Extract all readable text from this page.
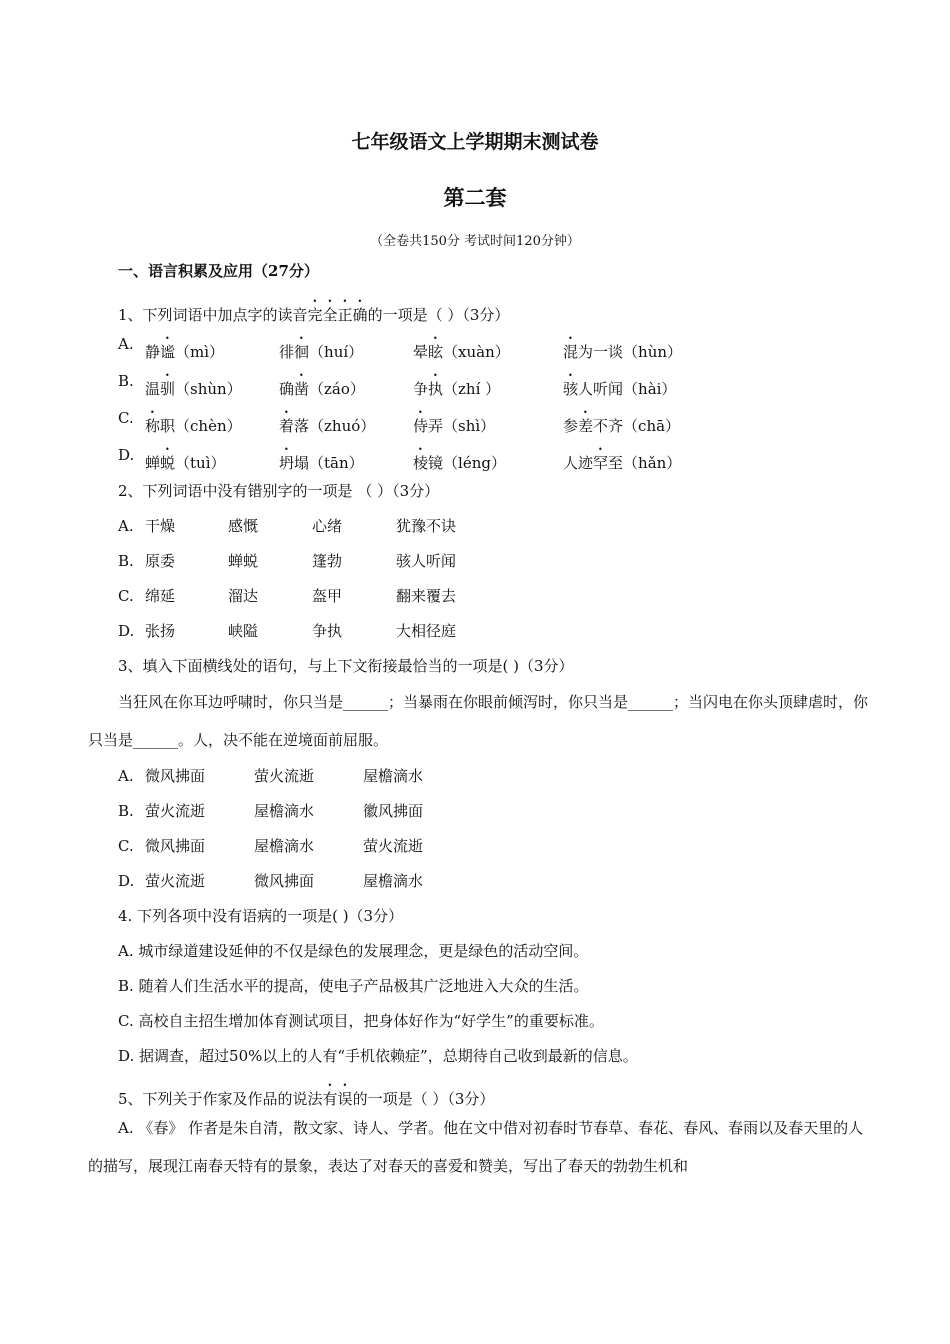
七年级语文上学期期末测试卷
第二套
（全卷共150分 考试时间120分钟）
一、语言积累及应用（27分）
1、下列词语中加点字的读音完全正确的一项是（ ）（3分）
A. 静谧（mì）	徘徊（huí）	晕眩（xuàn）	混为一谈（hùn）
B. 温驯（shùn） 确凿（záo）	争执（zhí ）	骇人听闻（hài）
C. 称职（chèn） 着落（zhuó）	侍弄（shì）	参差不齐（chā）
D. 蝉蜕（tuì）	坍塌（tān）	棱镜（léng）	人迹罕至（hǎn）
2、下列词语中没有错别字的一项是 （ ）（3分）
A. 干燥	感慨	心绪	犹豫不诀
B. 原委	蝉蜕	篷勃	骇人听闻
C. 绵延	溜达	盔甲	翻来覆去
D. 张扬	峡隘	争执	大相径庭
3、填入下面横线处的语句，与上下文衔接最恰当的一项是( )（3分）
当狂风在你耳边呼啸时，你只当是______；当暴雨在你眼前倾泻时，你只当是______；当闪电在你头顶肆虐时，你只当是______。人，决不能在逆境面前屈服。
A. 微风拂面	萤火流逝	屋檐滴水
B. 萤火流逝	屋檐滴水	徽风拂面
C. 微风拂面	屋檐滴水	萤火流逝
D. 萤火流逝	微风拂面	屋檐滴水
4. 下列各项中没有语病的一项是( )（3分）
A. 城市绿道建设延伸的不仅是绿色的发展理念，更是绿色的活动空间。
B. 随着人们生活水平的提高，使电子产品极其广泛地进入大众的生活。
C. 高校自主招生增加体育测试项目，把身体好作为“好学生”的重要标准。
D. 据调查，超过50%以上的人有“手机依赖症”，总期待自己收到最新的信息。
5、下列关于作家及作品的说法有误的一项是（ ）（3分）
A. 《春》 作者是朱自清，散文家、诗人、学者。他在文中借对初春时节春草、春花、春风、春雨以及春天里的人的描写，展现江南春天特有的景象，表达了对春天的喜爱和赞美，写出了春天的勃勃生机和
